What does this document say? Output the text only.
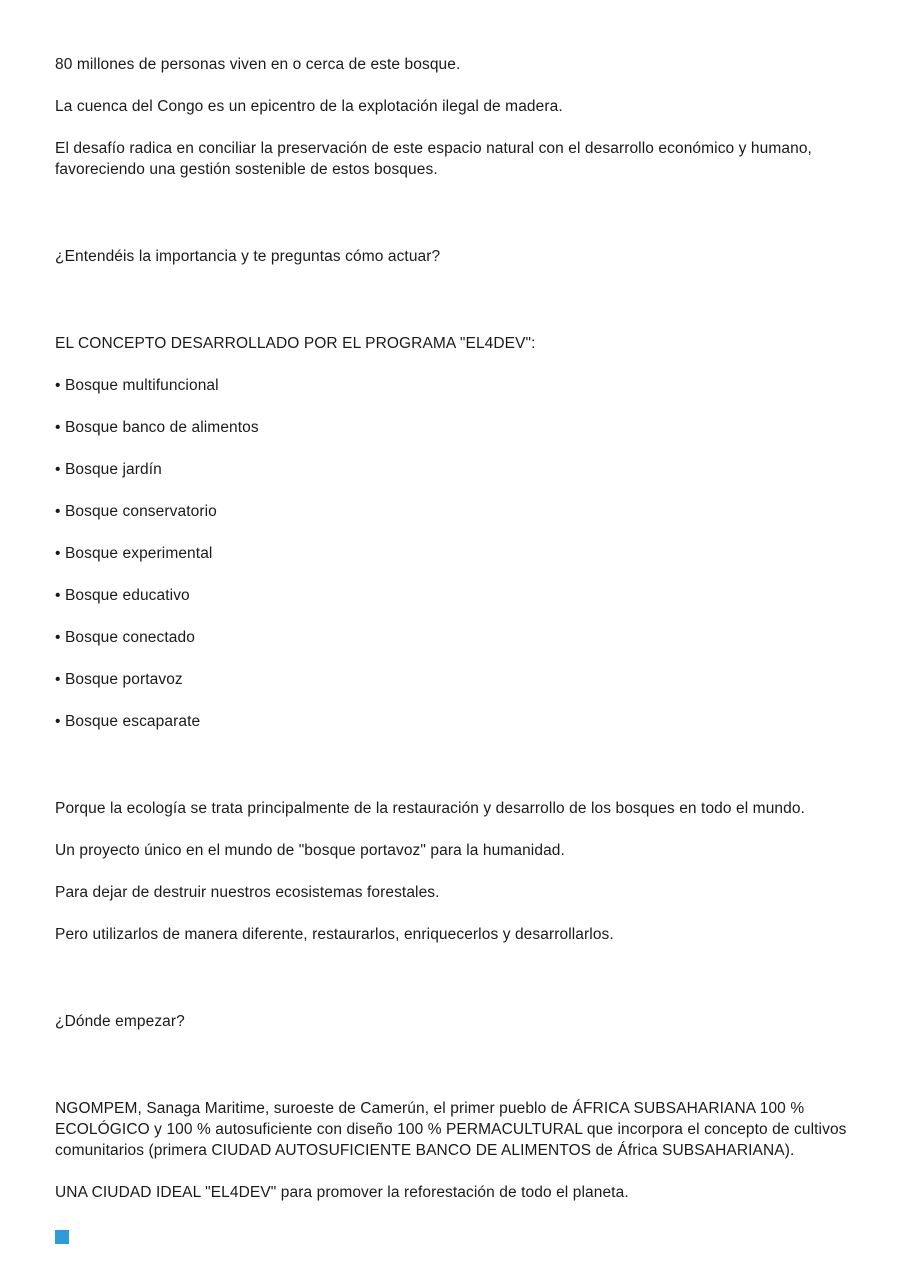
80 millones de personas viven en o cerca de este bosque.

La cuenca del Congo es un epicentro de la explotación ilegal de madera.

El desafío radica en conciliar la preservación de este espacio natural con el desarrollo económico y humano,
favoreciendo una gestión sostenible de estos bosques.

¿Entendéis la importancia y te preguntas cómo actuar?

EL CONCEPTO DESARROLLADO POR EL PROGRAMA "EL4DEV":

• Bosque multifuncional

• Bosque banco de alimentos

• Bosque jardín

• Bosque conservatorio

• Bosque experimental

• Bosque educativo

• Bosque conectado

• Bosque portavoz

• Bosque escaparate

Porque la ecología se trata principalmente de la restauración y desarrollo de los bosques en todo el mundo.

Un proyecto único en el mundo de "bosque portavoz" para la humanidad.

Para dejar de destruir nuestros ecosistemas forestales.

Pero utilizarlos de manera diferente, restaurarlos, enriquecerlos y desarrollarlos.

¿Dónde empezar?

NGOMPEM, Sanaga Maritime, suroeste de Camerún, el primer pueblo de ÁFRICA SUBSAHARIANA 100 %
ECOLÓGICO y 100 % autosuficiente con diseño 100 % PERMACULTURAL que incorpora el concepto de cultivos
comunitarios (primera CIUDAD AUTOSUFICIENTE BANCO DE ALIMENTOS de África SUBSAHARIANA).

UNA CIUDAD IDEAL "EL4DEV" para promover la reforestación de todo el planeta.
